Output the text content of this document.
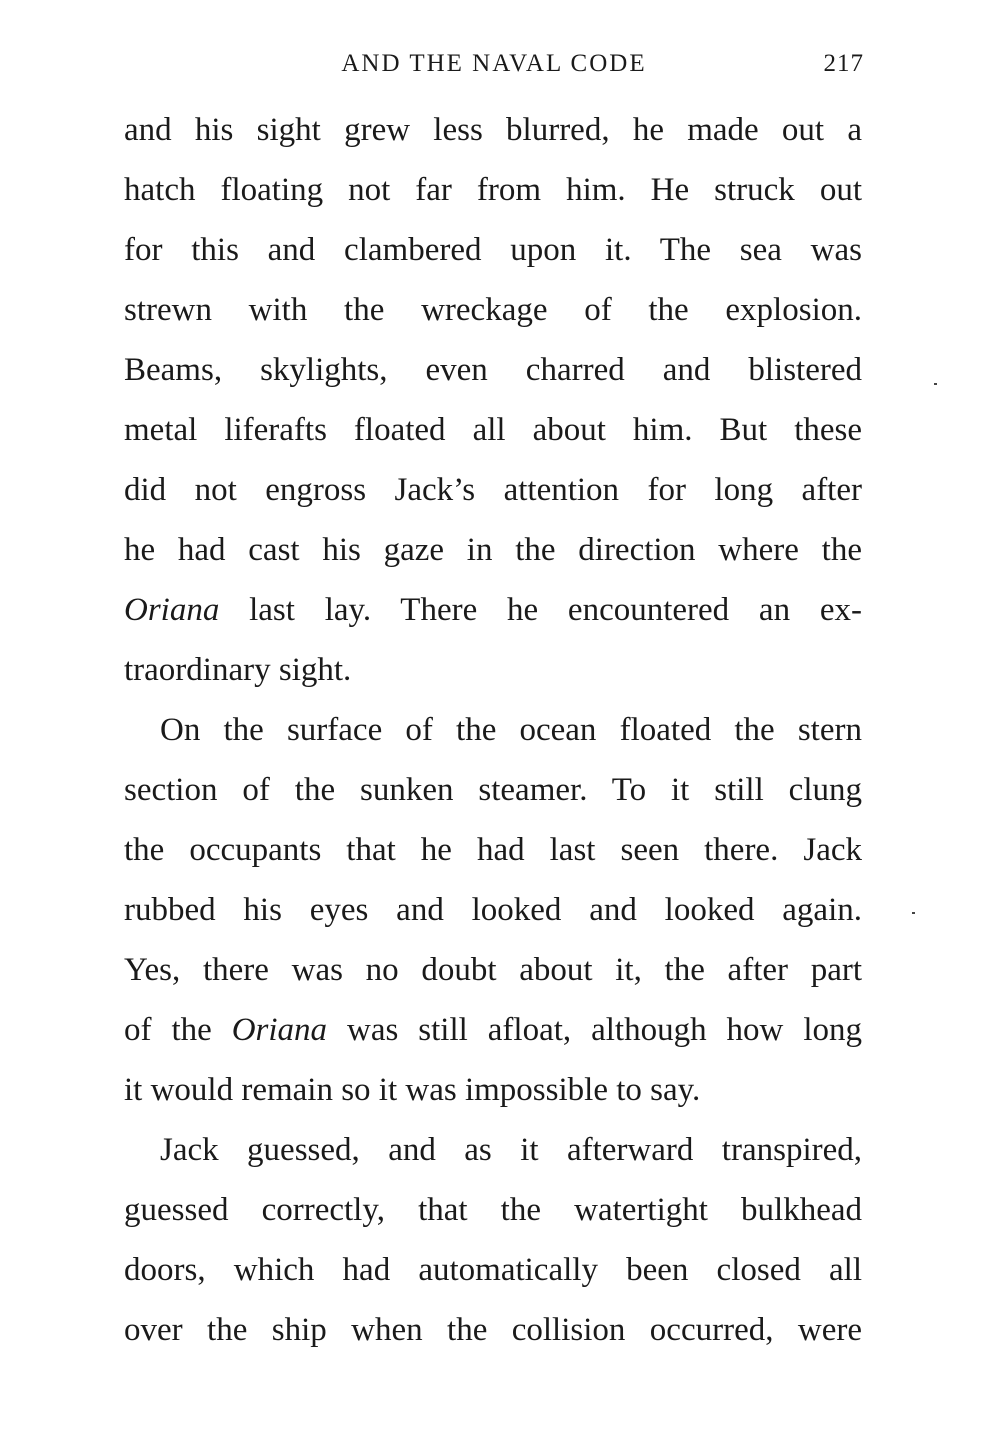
AND THE NAVAL CODE	217
and his sight grew less blurred, he made out a
hatch floating not far from him. He struck out
for this and clambered upon it. The sea was
strewn with the wreckage of the explosion.
Beams, skylights, even charred and blistered
metal liferafts floated all about him. But these
did not engross Jack’s attention for long after
he had cast his gaze in the direction where the
Oriana last lay. There he encountered an ex-
traordinary sight.
On the surface of the ocean floated the stern
section of the sunken steamer. To it still clung
the occupants that he had last seen there. Jack
rubbed his eyes and looked and looked again.
Yes, there was no doubt about it, the after part
of the Oriana was still afloat, although how long
it would remain so it was impossible to say.
Jack guessed, and as it afterward transpired,
guessed correctly, that the watertight bulkhead
doors, which had automatically been closed all
over the ship when the collision occurred, were
